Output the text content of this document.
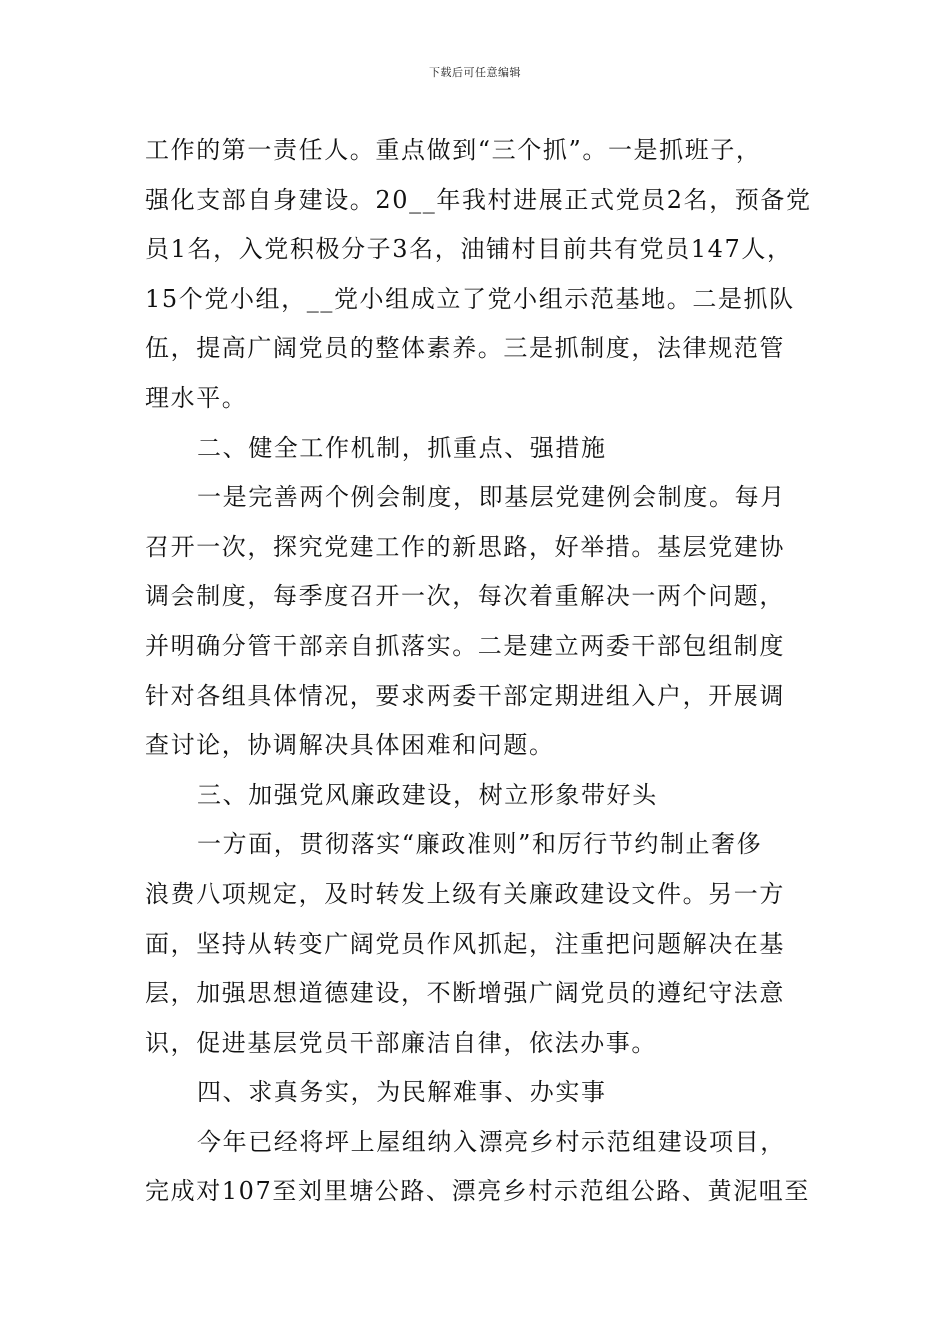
下载后可任意编辑
工作的第一责任人。重点做到“三个抓”。一是抓班子，
强化支部自身建设。20__年我村进展正式党员2名，预备党
员1名，入党积极分子3名，油铺村目前共有党员147人，
15个党小组，__党小组成立了党小组示范基地。二是抓队
伍，提高广阔党员的整体素养。三是抓制度，法律规范管
理水平。
二、健全工作机制，抓重点、强措施
一是完善两个例会制度，即基层党建例会制度。每月
召开一次，探究党建工作的新思路，好举措。基层党建协
调会制度，每季度召开一次，每次着重解决一两个问题，
并明确分管干部亲自抓落实。二是建立两委干部包组制度
针对各组具体情况，要求两委干部定期进组入户，开展调
查讨论，协调解决具体困难和问题。
三、加强党风廉政建设，树立形象带好头
一方面，贯彻落实“廉政准则”和厉行节约制止奢侈
浪费八项规定，及时转发上级有关廉政建设文件。另一方
面，坚持从转变广阔党员作风抓起，注重把问题解决在基
层，加强思想道德建设，不断增强广阔党员的遵纪守法意
识，促进基层党员干部廉洁自律，依法办事。
四、求真务实，为民解难事、办实事
今年已经将坪上屋组纳入漂亮乡村示范组建设项目，
完成对107至刘里塘公路、漂亮乡村示范组公路、黄泥咀至
